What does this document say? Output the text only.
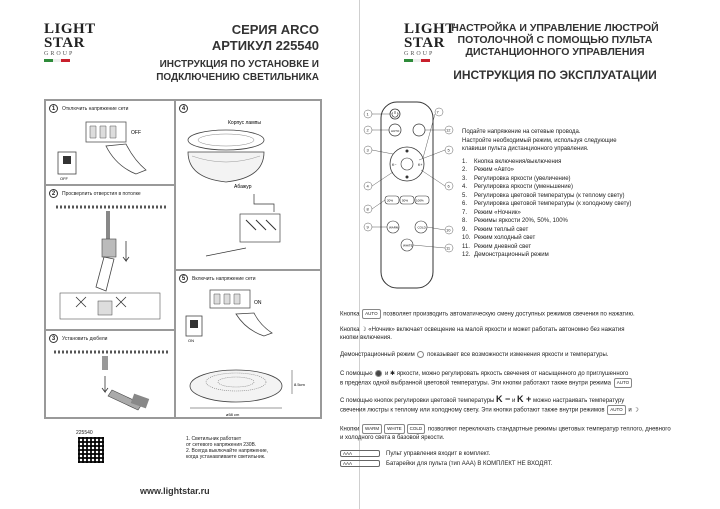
LIGHT
STAR
GROUP
СЕРИЯ ARCO
АРТИКУЛ 225540
ИНСТРУКЦИЯ ПО УСТАНОВКЕ И
ПОДКЛЮЧЕНИЮ СВЕТИЛЬНИКА
1	Отключить напряжение сети
OFF
OFF
2	Просверлить отверстия в потолке
3	Установить дюбели
4
Корпус лампы
Абажур
5	Включить напряжение сети
ON
ON
8.5cm
ø58 cm
225540
1. Светильник работает
от сетевого напряжения 230В.
2. Всегда выключайте напряжение,
когда устанавливаете светильник.
www.lightstar.ru
LIGHT
STAR
GROUP
НАСТРОЙКА И УПРАВЛЕНИЕ ЛЮСТРОЙ
ПОТОЛОЧНОЙ С ПОМОЩЬЮ ПУЛЬТА
ДИСТАНЦИОННОГО УПРАВЛЕНИЯ
ИНСТРУКЦИЯ ПО ЭКСПЛУАТАЦИИ
AUTO
K−	K+
20%	50%	100%
WARM	COLD
WHITE
1
2
3
4
8
9
7
12
5
6
10
11
Подайте напряжение на сетевые провода.
Настройте необходимый режим, используя следующие
клавиши пульта дистанционного управления.
1. Кнопка включения/выключения
2. Режим «Авто»
3. Регулировка яркости (увеличение)
4. Регулировка яркости (уменьшение)
5. Регулировка цветовой температуры (к теплому свету)
6. Регулировка цветовой температуры (к холодному свету)
7. Режим «Ночник»
8. Режимы яркости 20%, 50%, 100%
9. Режим теплый свет
10. Режим холодный свет
11. Режим дневной свет
12. Демонстрационный режим
Кнопка AUTO позволяет производить автоматическую смену доступных режимов свечения по нажатию.
Кнопка ☽ «Ночник» включает освещение на малой яркости и может работать автономно без нажатия
кнопки включения.
Демонстрационный режим показывает все возможности изменения яркости и температуры.
С помощью и ✱ яркости, можно регулировать яркость свечения от насыщенного до приглушенного
в пределах одной выбранной цветовой температуры. Эти кнопки работают также внутри режима AUTO
С помощью кнопок регулировки цветовой температуры K − и K + можно настраивать температуру
свечения люстры к теплому или холодному свету. Эти кнопки работают также внутри режимов AUTO и ☽
Кнопки WARM WHITE COLD позволяют переключать стандартные режимы цветовых температур теплого, дневного
и холодного света в базовой яркости.
ААА	Пульт управления входит в комплект.
ААА	Батарейки для пульта (тип ААА) В КОМПЛЕКТ НЕ ВХОДЯТ.
